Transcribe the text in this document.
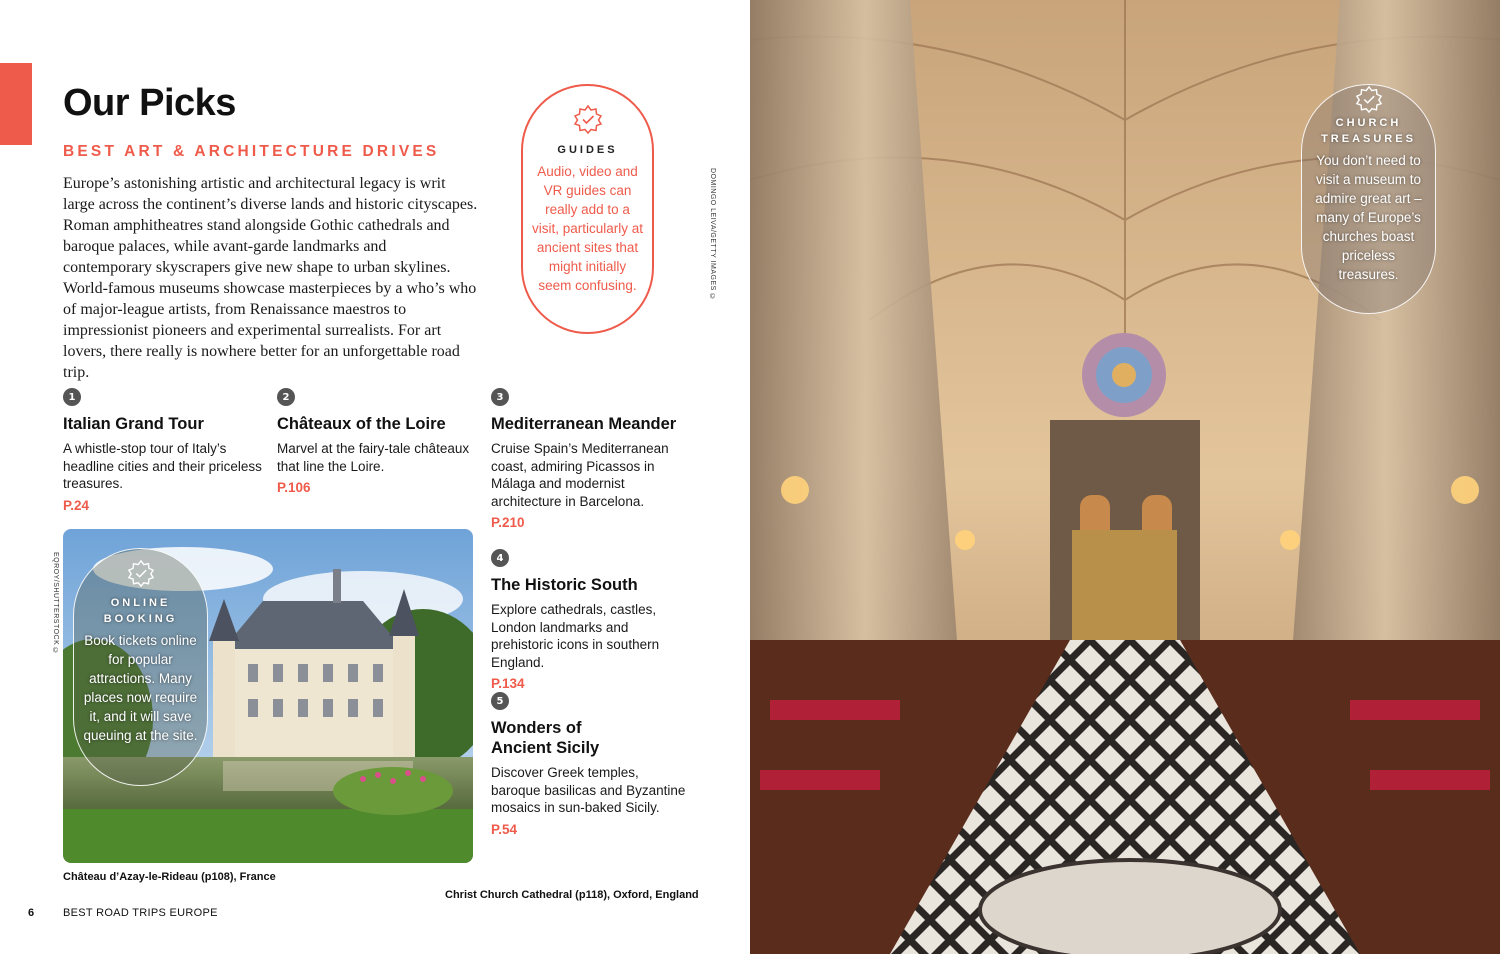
Our Picks
BEST ART & ARCHITECTURE DRIVES

Europe’s astonishing artistic and architectural legacy is writ large across the continent’s diverse lands and historic cityscapes. Roman amphitheatres stand alongside Gothic cathedrals and baroque palaces, while avant-garde landmarks and contemporary skyscrapers give new shape to urban skylines. World-famous museums showcase masterpieces by a who’s who of major-league artists, from Renaissance maestros to impressionist pioneers and experimental surrealists. For art lovers, there really is nowhere better for an unforgettable road trip.

GUIDES
Audio, video and VR guides can really add to a visit, particularly at ancient sites that might initially seem confusing.	DOMINGO LEIVA/GETTY IMAGES ©
1
Italian Grand Tour
A whistle-stop tour of Italy’s headline cities and their priceless treasures.
P.24
2
Châteaux of the Loire
Marvel at the fairy-tale châteaux that line the Loire.
P.106
3
Mediterranean Meander
Cruise Spain’s Mediterranean coast, admiring Picassos in Málaga and modernist architecture in Barcelona.
P.210
4
The Historic South
Explore cathedrals, castles, London landmarks and prehistoric icons in southern England.
P.134
5
Wonders of Ancient Sicily
Discover Greek temples, baroque basilicas and Byzantine mosaics in sun-baked Sicily.
P.54
ONLINE BOOKING
Book tickets online for popular attractions. Many places now require it, and it will save queuing at the site.
EQROY/SHUTTERSTOCK ©
Château d’Azay-le-Rideau (p108), France
Christ Church Cathedral (p118), Oxford, England
6	BEST ROAD TRIPS EUROPE
CHURCH TREASURES
You don’t need to visit a museum to admire great art – many of Europe’s churches boast priceless treasures.
